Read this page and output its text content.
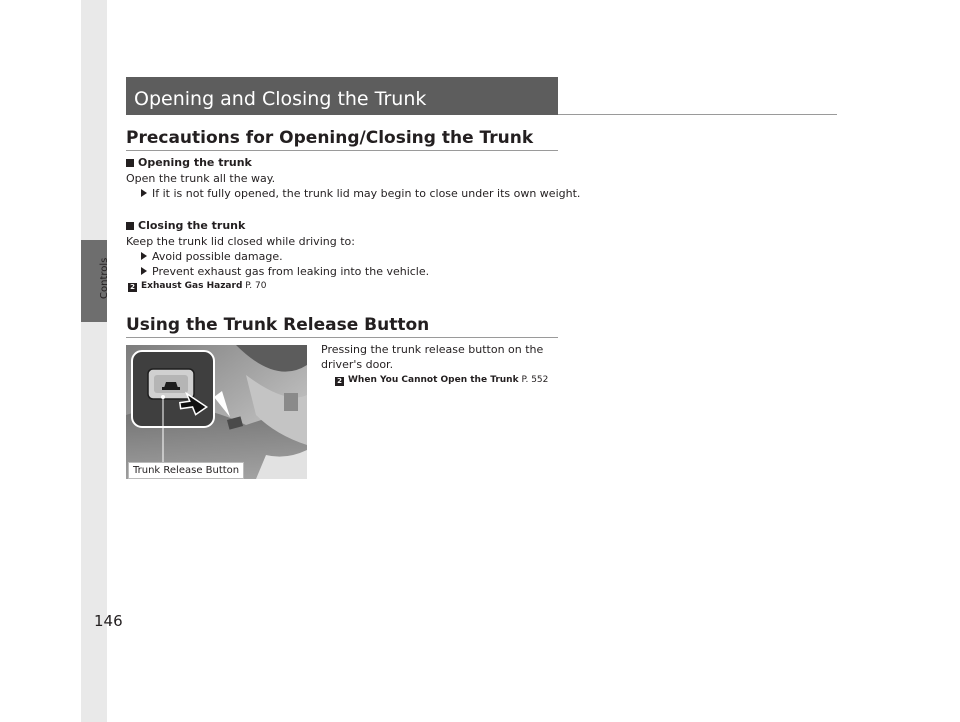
Controls
146
Opening and Closing the Trunk
Precautions for Opening/Closing the Trunk
Opening the trunk
Open the trunk all the way.
If it is not fully opened, the trunk lid may begin to close under its own weight.
Closing the trunk
Keep the trunk lid closed while driving to:
Avoid possible damage.
Prevent exhaust gas from leaking into the vehicle.
2 Exhaust Gas Hazard P. 70
Using the Trunk Release Button
Pressing the trunk release button on the
driver's door.
2 When You Cannot Open the Trunk P. 552
Trunk Release Button
